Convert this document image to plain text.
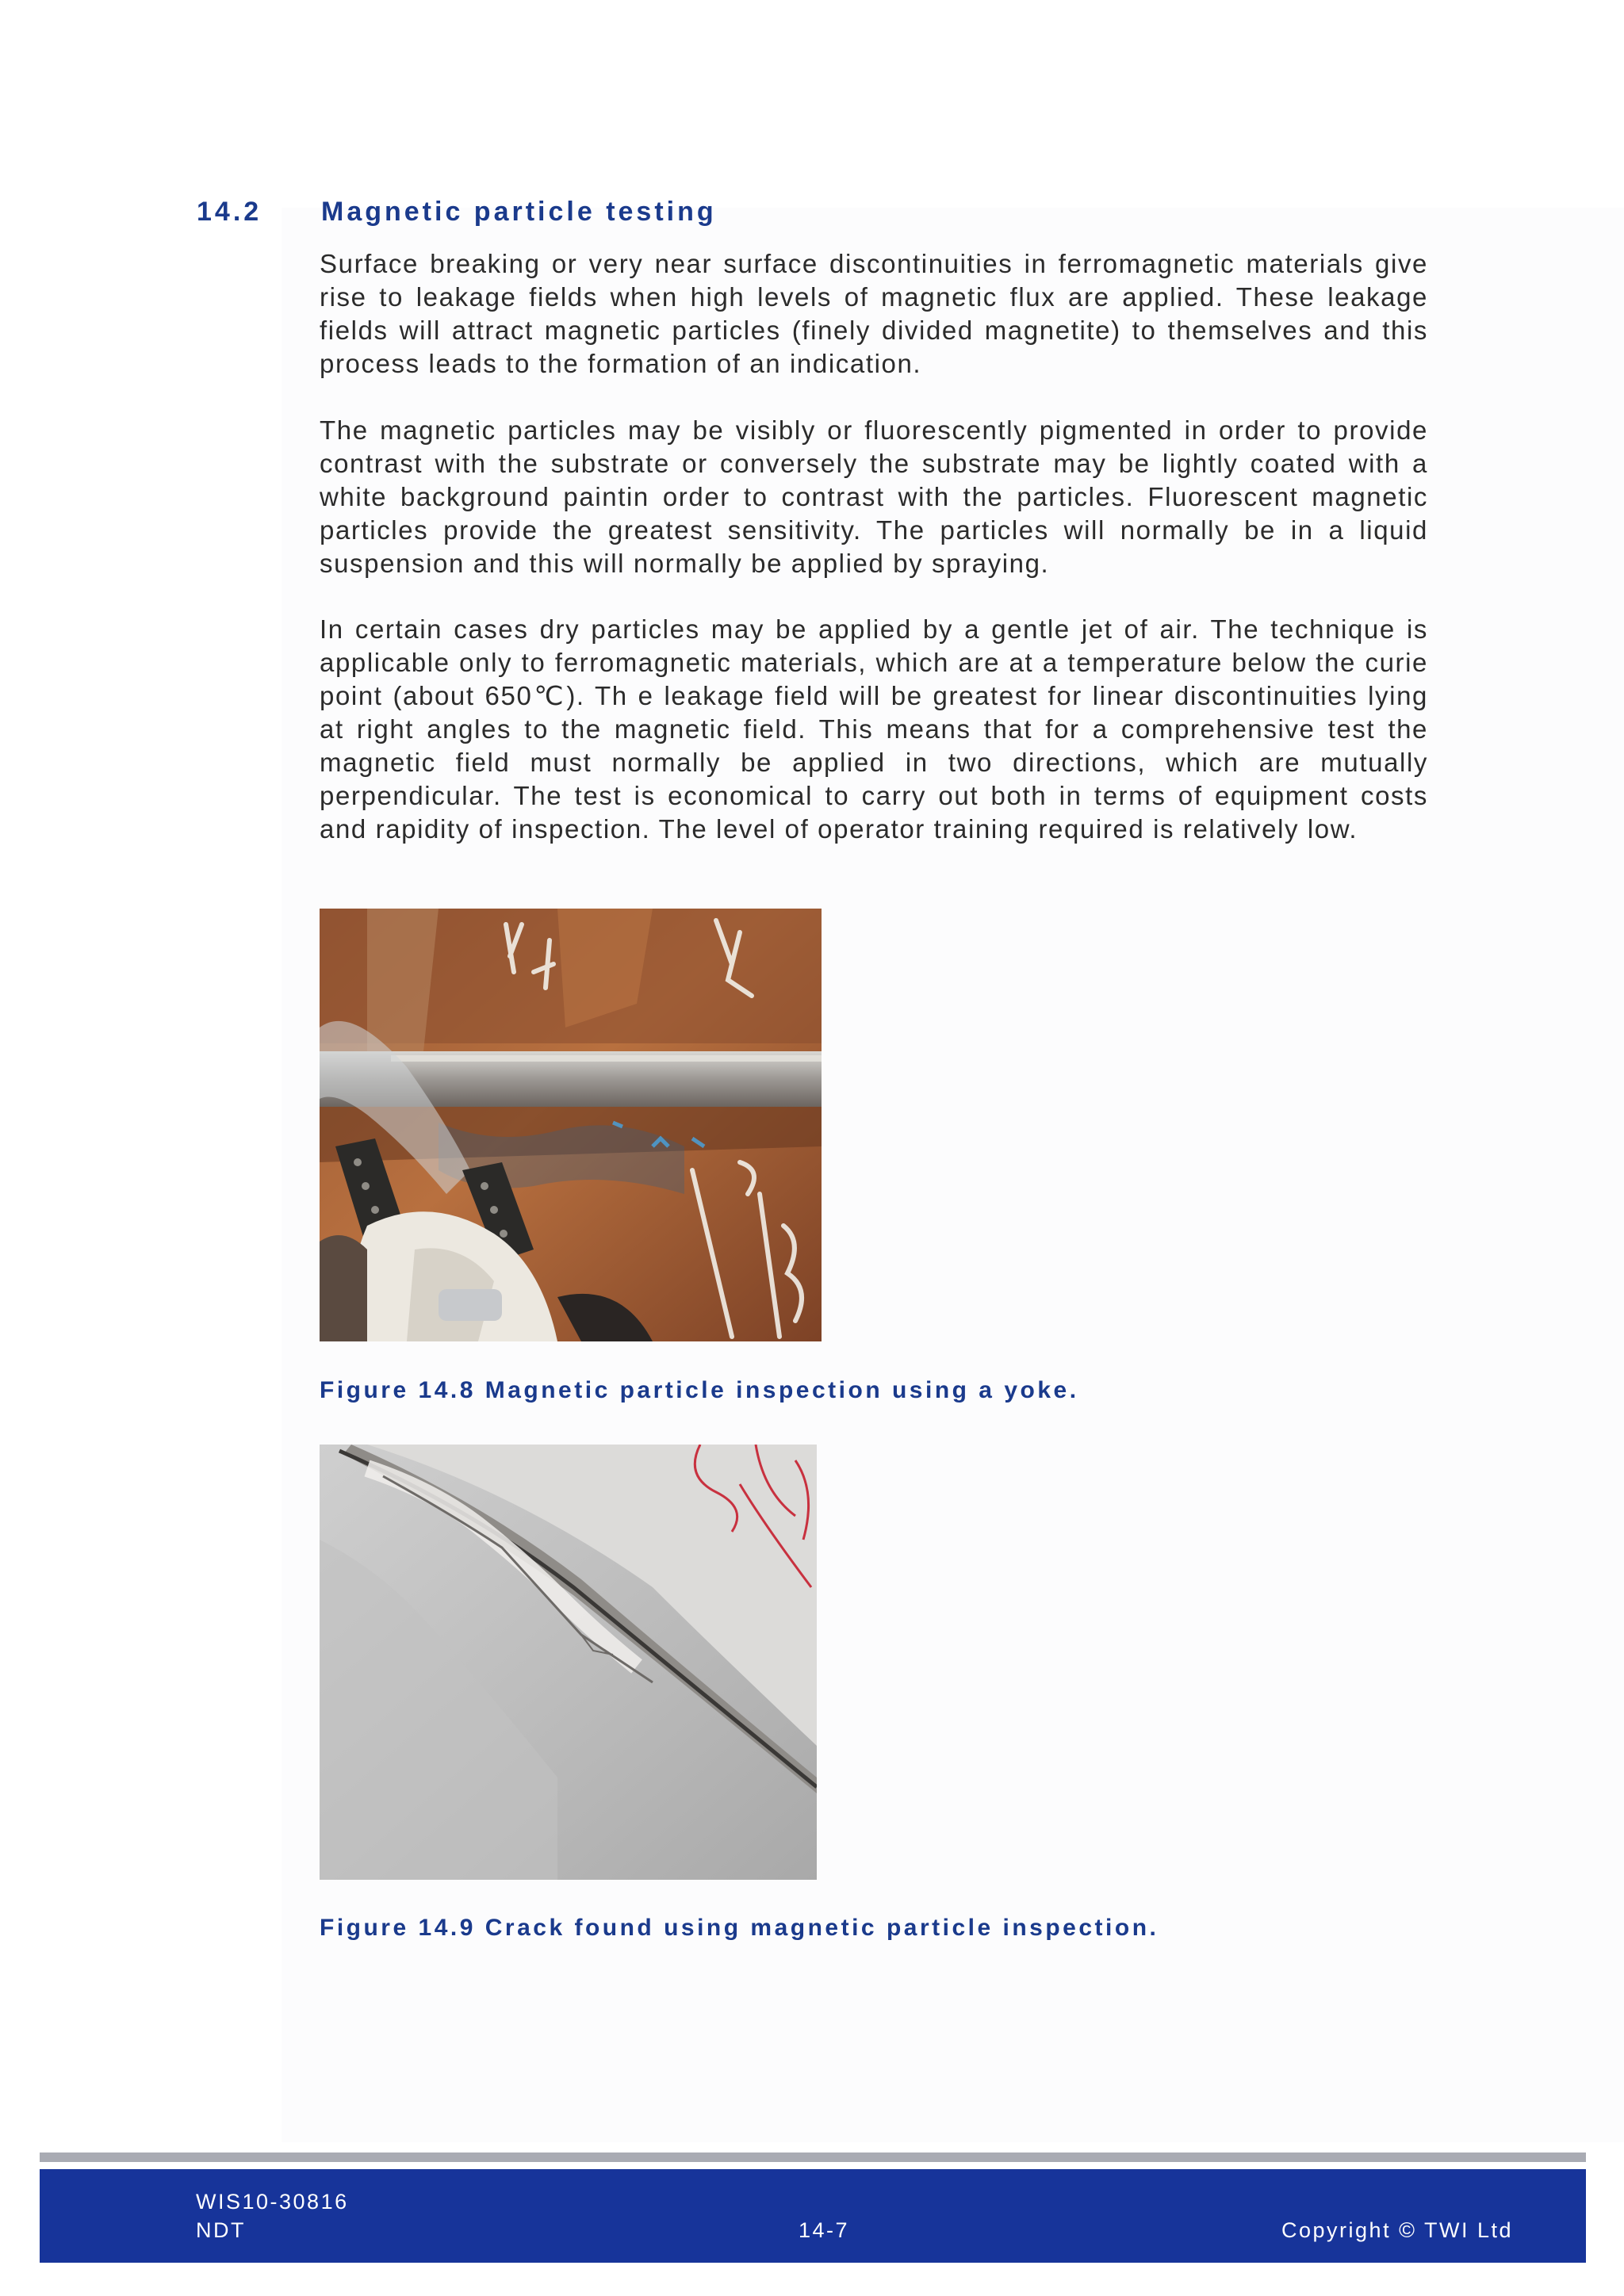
14.2 Magnetic particle testing

Surface breaking or very near surface discontinuities in ferromagnetic materials give rise to leakage fields when high levels of magnetic flux are applied. These leakage fields will attract magnetic particles (finely divided magnetite) to themselves and this process leads to the formation of an indication.

The magnetic particles may be visibly or fluorescently pigmented in order to provide contrast with the substrate or conversely the substrate may be lightly coated with a white background paintin order to contrast with the particles. Fluorescent magnetic particles provide the greatest sensitivity. The particles will normally be in a liquid suspension and this will normally be applied by spraying.

In certain cases dry particles may be applied by a gentle jet of air. The technique is applicable only to ferromagnetic materials, which are at a temperature below the curie point (about 650℃). Th e leakage field will be greatest for linear discontinuities lying at right angles to the magnetic field. This means that for a comprehensive test the magnetic field must normally be applied in two directions, which are mutually perpendicular. The test is economical to carry out both in terms of equipment costs and rapidity of inspection. The level of operator training required is relatively low.

Figure 14.8 Magnetic particle inspection using a yoke.
Figure 14.9 Crack found using magnetic particle inspection.
WIS10-30816
NDT	14-7	Copyright © TWI Ltd
